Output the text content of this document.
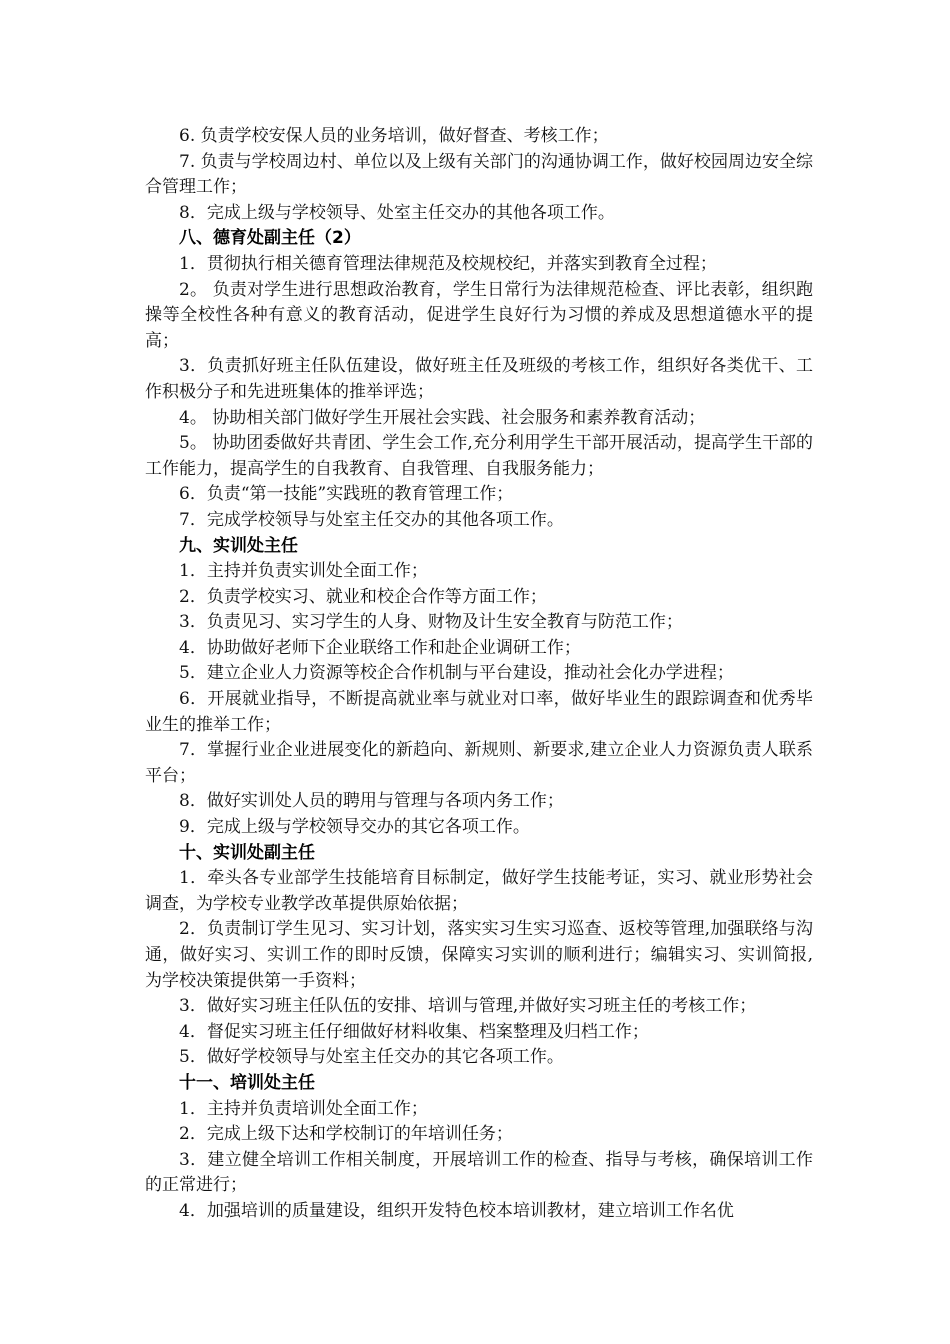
6. 负责学校安保人员的业务培训，做好督查、考核工作；

7. 负责与学校周边村、单位以及上级有关部门的沟通协调工作，做好校园周边安全综合管理工作；

8．完成上级与学校领导、处室主任交办的其他各项工作。

八、德育处副主任（2）

1．贯彻执行相关德育管理法律规范及校规校纪，并落实到教育全过程；

2。 负责对学生进行思想政治教育，学生日常行为法律规范检查、评比表彰，组织跑操等全校性各种有意义的教育活动，促进学生良好行为习惯的养成及思想道德水平的提高；

3．负责抓好班主任队伍建设，做好班主任及班级的考核工作，组织好各类优干、工作积极分子和先进班集体的推举评选；

4。 协助相关部门做好学生开展社会实践、社会服务和素养教育活动；

5。 协助团委做好共青团、学生会工作,充分利用学生干部开展活动，提高学生干部的工作能力，提高学生的自我教育、自我管理、自我服务能力；

6．负责“第一技能”实践班的教育管理工作；

7．完成学校领导与处室主任交办的其他各项工作。

九、实训处主任

1．主持并负责实训处全面工作；

2．负责学校实习、就业和校企合作等方面工作；

3．负责见习、实习学生的人身、财物及计生安全教育与防范工作；

4．协助做好老师下企业联络工作和赴企业调研工作；

5．建立企业人力资源等校企合作机制与平台建设，推动社会化办学进程；

6．开展就业指导，不断提高就业率与就业对口率，做好毕业生的跟踪调查和优秀毕业生的推举工作；

7．掌握行业企业进展变化的新趋向、新规则、新要求,建立企业人力资源负责人联系平台；

8．做好实训处人员的聘用与管理与各项内务工作；

9．完成上级与学校领导交办的其它各项工作。

十、实训处副主任

1．牵头各专业部学生技能培育目标制定，做好学生技能考证，实习、就业形势社会调查，为学校专业教学改革提供原始依据；

2．负责制订学生见习、实习计划，落实实习生实习巡查、返校等管理,加强联络与沟通，做好实习、实训工作的即时反馈，保障实习实训的顺利进行；编辑实习、实训简报,为学校决策提供第一手资料；

3．做好实习班主任队伍的安排、培训与管理,并做好实习班主任的考核工作；

4．督促实习班主任仔细做好材料收集、档案整理及归档工作；

5．做好学校领导与处室主任交办的其它各项工作。

十一、培训处主任

1．主持并负责培训处全面工作；

2．完成上级下达和学校制订的年培训任务；

3．建立健全培训工作相关制度，开展培训工作的检查、指导与考核，确保培训工作的正常进行；

4．加强培训的质量建设，组织开发特色校本培训教材，建立培训工作名优
